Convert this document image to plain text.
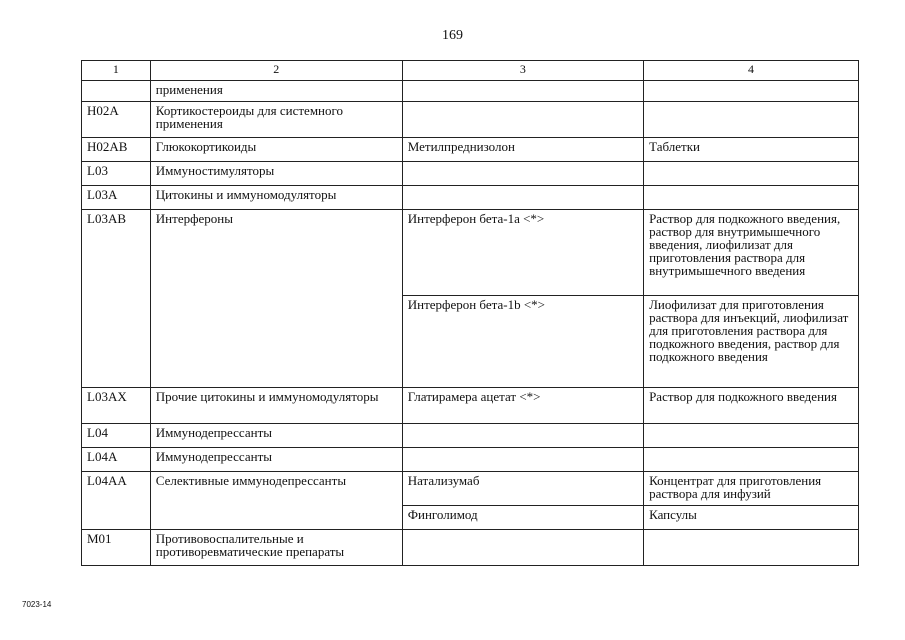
169
1	2	3	4
	применения		
H02A	Кортикостероиды для системного применения		
H02AB	Глюкокортикоиды	Метилпреднизолон	Таблетки
L03	Иммуностимуляторы		
L03A	Цитокины и иммуномодуляторы		
L03AB	Интерфероны	Интерферон бета-1а <*>	Раствор для подкожного введения, раствор для внутримышечного введения, лиофилизат для приготовления раствора для внутримышечного введения
		Интерферон бета-1b <*>	Лиофилизат для приготовления раствора для инъекций, лиофилизат для приготовления раствора для подкожного введения, раствор для подкожного введения
L03AX	Прочие цитокины и иммуномодуляторы	Глатирамера ацетат <*>	Раствор для подкожного введения
L04	Иммунодепрессанты		
L04A	Иммунодепрессанты		
L04AA	Селективные иммунодепрессанты	Натализумаб	Концентрат для приготовления раствора для инфузий
		Финголимод	Капсулы
M01	Противовоспалительные и противоревматические препараты		
7023-14
